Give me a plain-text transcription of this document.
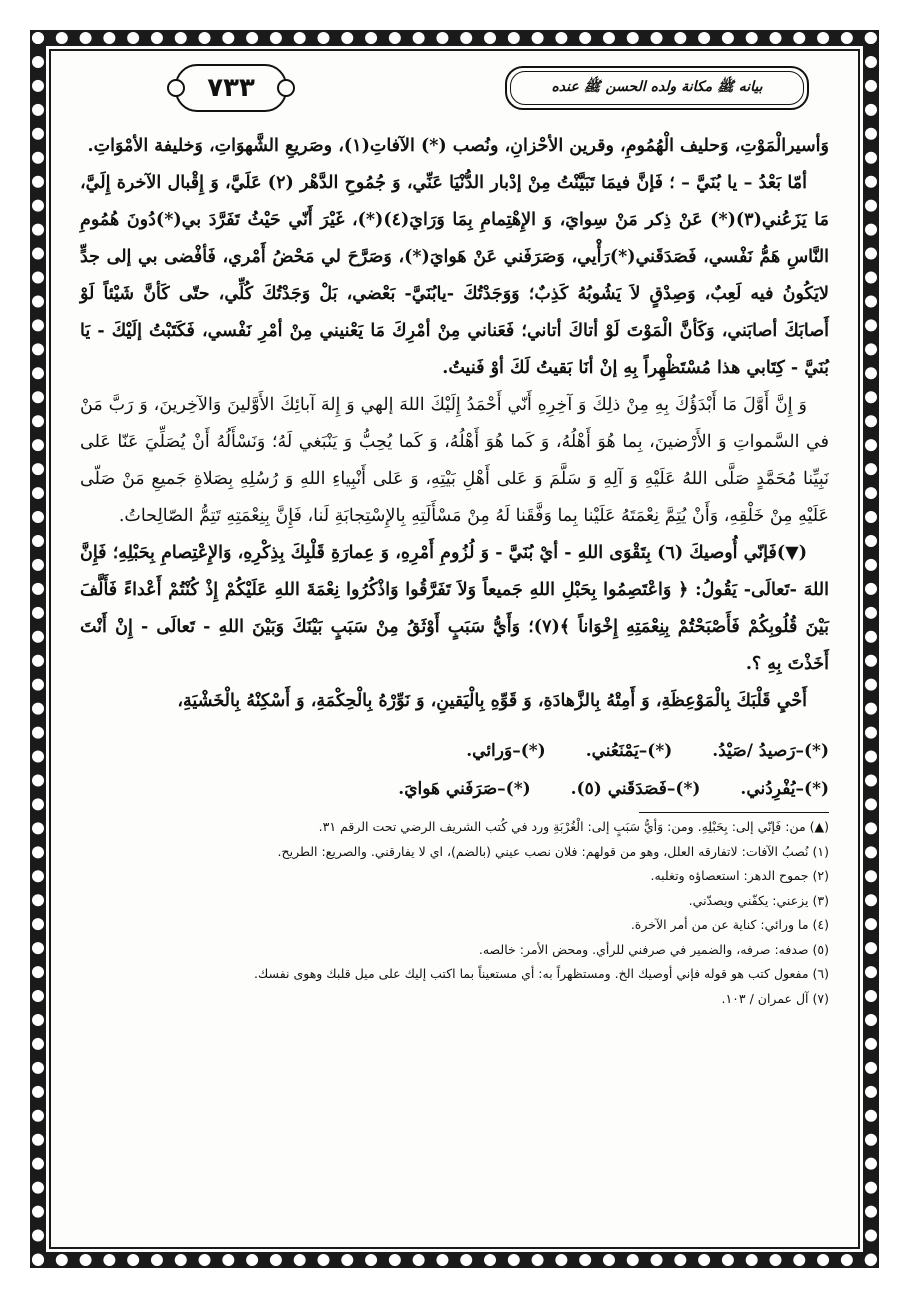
بيانه ﷺ مكانة ولده الحسن ﷺ عنده
٧٣٣

وَأسيرالْمَوْتِ، وَحليف الْهُمُومِ، وقرين الأحْزانِ، ونُصب (*) الآفاتِ(١)، وصَريعِ الشَّهوَاتِ، وَخليفة الأمْوَاتِ.

أمّا بَعْدُ – يا بُنَيَّ – ؛ فَإنَّ فيمَا تَبَيَّنْتُ مِنْ إدْبار الدُّنْيَا عَنِّي، وَ جُمُوحِ الدَّهْر (٢) عَلَيَّ، وَ إِقْبال الآخرة إِلَيَّ، مَا يَزَعُني(٣)(*) عَنْ ذِكر مَنْ سِوايَ، وَ الإِهْتِمامِ بِمَا وَرَايَ(٤)(*)، غَيْرَ أَنّي حَيْثُ تَفَرَّدَ بي(*)دُونَ هُمُومِ النَّاسِ هَمُّ نَفْسي، فَصَدَقَني(*)رَأْيي، وَصَرَفَني عَنْ هَوايَ(*)، وَصَرَّحَ لي مَحْضُ أَمْري، فَأفْضى بي إلى جدٍّ لايَكُونُ فيه لَعِبٌ، وَصِدْقٍ لاَ يَشُوبُهُ كَذِبٌ؛ وَوَجَدْتُكَ -يابُنَيَّ- بَعْضي، بَلْ وَجَدْتُكَ كُلِّي، حتّى كَأنَّ شَيْئاً لَوْ أَصابَكَ أصابَني، وَكَأنَّ الْمَوْتَ لَوْ أتاكَ أتاني؛ فَعَناني مِنْ أمْرِكَ مَا يَعْنيني مِنْ أمْرِ نَفْسي، فَكَتَبْتُ إلَيْكَ - يَا بُنَيَّ - كِتَابي هذا مُسْتَظْهِراً بِهِ إنْ أنَا بَقيتُ لَكَ أوْ فَنيتُ.

وَ إِنَّ أَوَّلَ مَا أَبْدَؤُكَ بِهِ مِنْ ذلِكَ وَ آخِرِهِ أَنّي أَحْمَدُ إِلَيْكَ اللهَ إلهي وَ إِلهَ آبائِكَ الأَوَّلينَ وَالآخِرينَ، وَ رَبَّ مَنْ في السَّمواتِ وَ الأَرْضينَ، بِما هُوَ أَهْلُهُ، وَ كَما هُوَ أَهْلُهُ، وَ كَما يُحِبُّ وَ يَنْبَغي لَهُ؛ وَنَسْأَلُهُ أَنْ يُصَلِّيَ عَنّا عَلى نَبِيِّنا مُحَمَّدٍ صَلَّى اللهُ عَلَيْهِ وَ آلِهِ وَ سَلَّمَ وَ عَلى أَهْلِ بَيْتِهِ، وَ عَلى أَنْبِياءِ اللهِ وَ رُسُلِهِ بِصَلاةِ جَميعِ مَنْ صَلّى عَلَيْهِ مِنْ خَلْقِهِ، وَأَنْ يُتِمَّ نِعْمَتَهُ عَلَيْنا بِما وَفَّقَنا لَهُ مِنْ مَسْأَلَتِهِ بِالإِسْتِجابَةِ لَنا، فَإِنَّ بِنِعْمَتِهِ تَتِمُّ الصّالِحاتُ.

(▼)فَإنّي أُوصيكَ (٦) بِتَقْوَى اللهِ - أيْ بُنَيَّ - وَ لُزُومِ أَمْرِهِ، وَ عِمارَةِ قَلْبِكَ بِذِكْرِهِ، وَالإِعْتِصامِ بِحَبْلِهِ؛ فَإِنَّ اللهَ -تَعالَى- يَقُولُ: ﴿ وَاعْتَصِمُوا بِحَبْلِ اللهِ جَميعاً وَلاَ تَفَرَّقُوا وَاذْكُرُوا نِعْمَةَ اللهِ عَلَيْكُمْ إِذْ كُنْتُمْ أَعْداءً فَأَلَّفَ بَيْنَ قُلُوبِكُمْ فَأَصْبَحْتُمْ بِنِعْمَتِهِ إِخْوَاناً ﴾(٧)؛ وَأَيُّ سَبَبٍ أَوْثَقُ مِنْ سَبَبٍ بَيْنَكَ وَبَيْنَ اللهِ - تَعالَى - إِنْ أَنْتَ أَخَذْتَ بِهِ ؟.

أَحْيِ قَلْبَكَ بِالْمَوْعِظَةِ، وَ أَمِتْهُ بِالزَّهادَةِ، وَ قَوِّهِ بِالْيَقينِ، وَ نَوِّرْهُ بِالْحِكْمَةِ، وَ أَسْكِنْهُ بِالْخَشْيَةِ،

(*)–رَصيدُ /صَيْدُ.
(*)–يَمْنَعُني.
(*)–وَرائي.
(*)–يُفْرِدُني.
(*)–فَصَدَقَني (٥).
(*)–صَرَفَني هَوايَ.
(▲) من: فَإنّي إلى: بِحَبْلِهِ. ومن: وَأيُّ سَبَبٍ إلى: الْغُرْبَةِ ورد في كُتب الشريف الرضي تحت الرقم ٣١.
(١) نُصبُ الآفات: لاتفارقه العلل، وهو من قولهم: فلان نصب عيني (بالضم)، اي لا يفارقني. والصريع: الطريح.
(٢) جموح الدهر: استعصاؤه وتغلبه.
(٣) يزعني: يكفّني ويصدّني.
(٤) ما ورائي: كناية عن من أمر الآخرة.
(٥) صدفه: صرفه، والضمير في صرفني للرأي. ومحض الأمر: خالصه.
(٦) مفعول كتب هو قوله فإني أوصيك الخ. ومستظهراً به: أي مستعيناً بما اكتب إليك على ميل قلبك وهوى نفسك.
(٧) آل عمران / ١٠٣.
